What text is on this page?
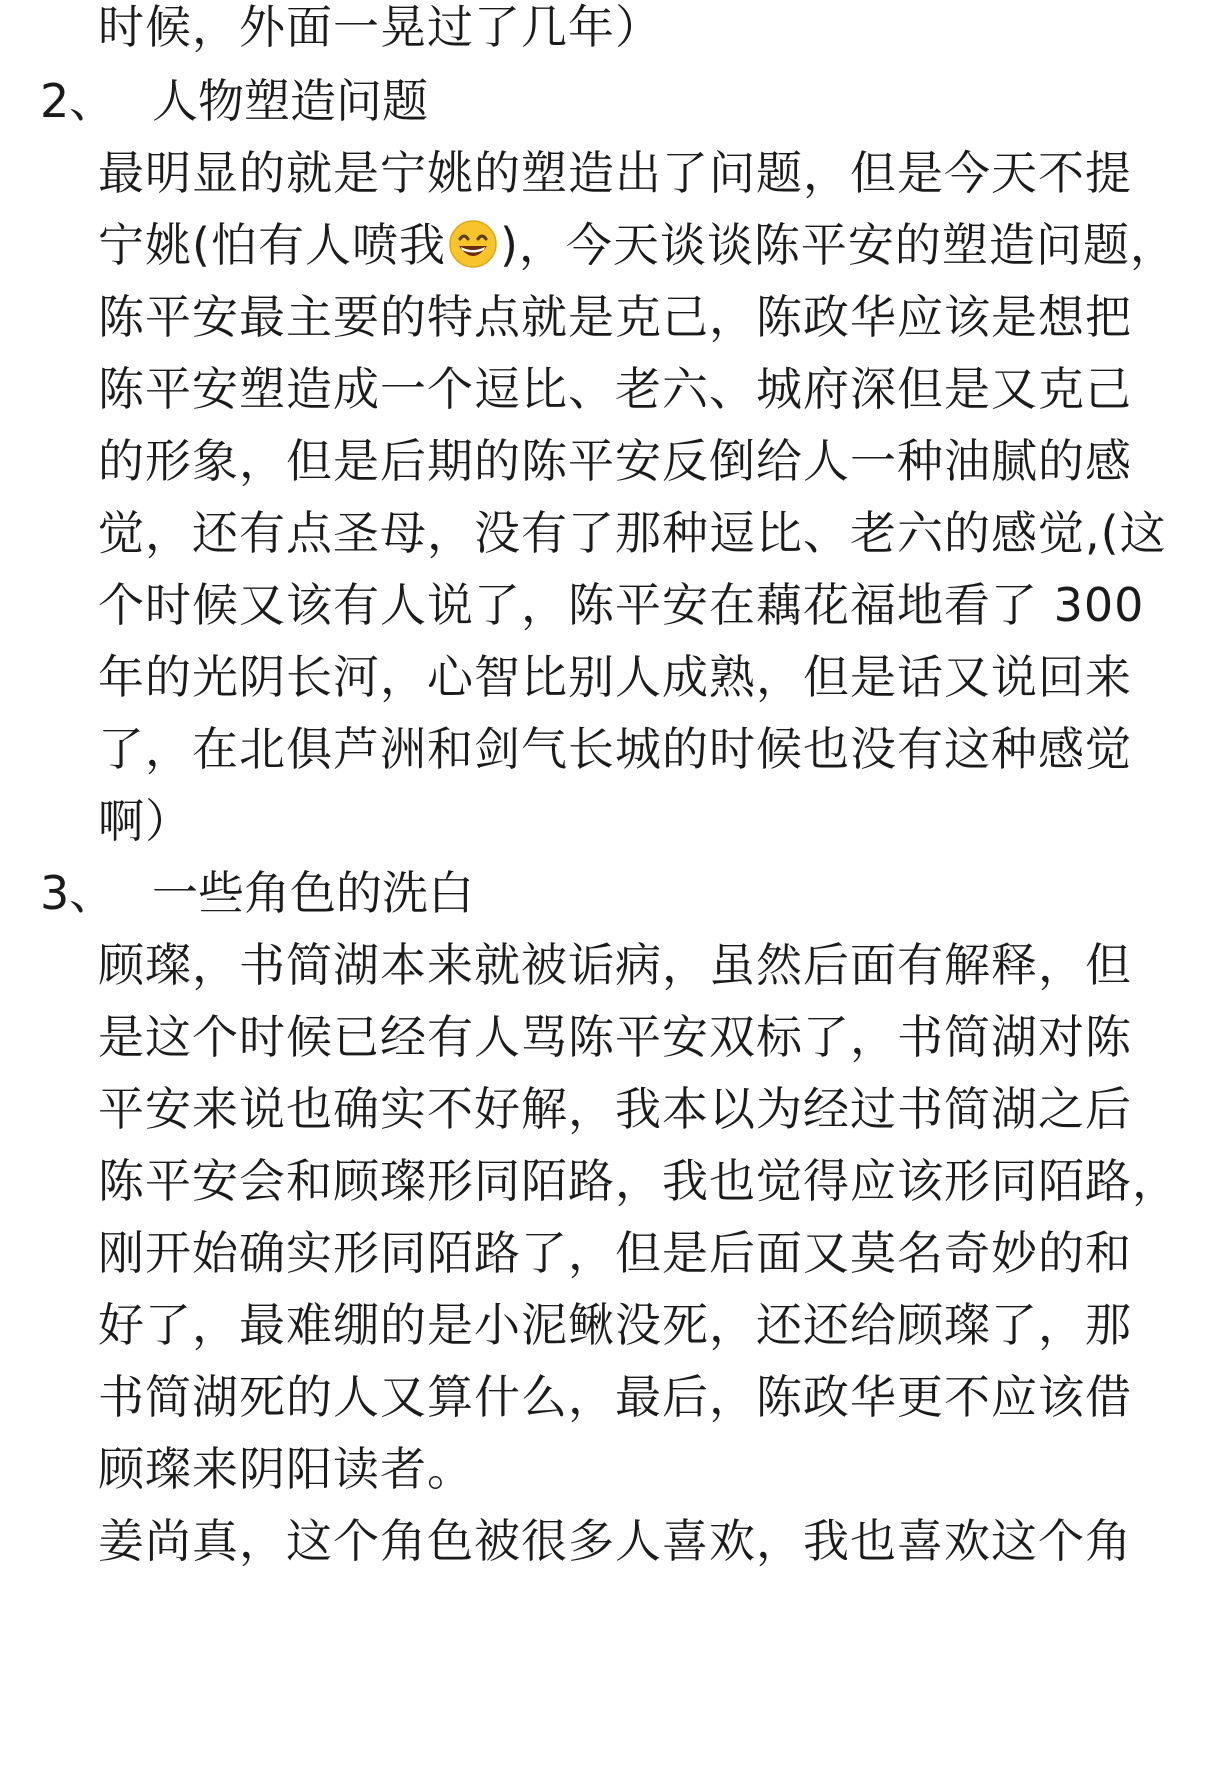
时候，外面一晃过了几年）
2、 人物塑造问题
最明显的就是宁姚的塑造出了问题，但是今天不提
宁姚(怕有人喷我 )，今天谈谈陈平安的塑造问题，
陈平安最主要的特点就是克己，陈政华应该是想把
陈平安塑造成一个逗比、老六、城府深但是又克己
的形象，但是后期的陈平安反倒给人一种油腻的感
觉，还有点圣母，没有了那种逗比、老六的感觉,(这
个时候又该有人说了，陈平安在藕花福地看了 300
年的光阴长河，心智比别人成熟，但是话又说回来
了，在北俱芦洲和剑气长城的时候也没有这种感觉
啊）
3、 一些角色的洗白
顾璨，书简湖本来就被诟病，虽然后面有解释，但
是这个时候已经有人骂陈平安双标了，书简湖对陈
平安来说也确实不好解，我本以为经过书简湖之后
陈平安会和顾璨形同陌路，我也觉得应该形同陌路，
刚开始确实形同陌路了，但是后面又莫名奇妙的和
好了，最难绷的是小泥鳅没死，还还给顾璨了，那
书简湖死的人又算什么，最后，陈政华更不应该借
顾璨来阴阳读者。
姜尚真，这个角色被很多人喜欢，我也喜欢这个角
